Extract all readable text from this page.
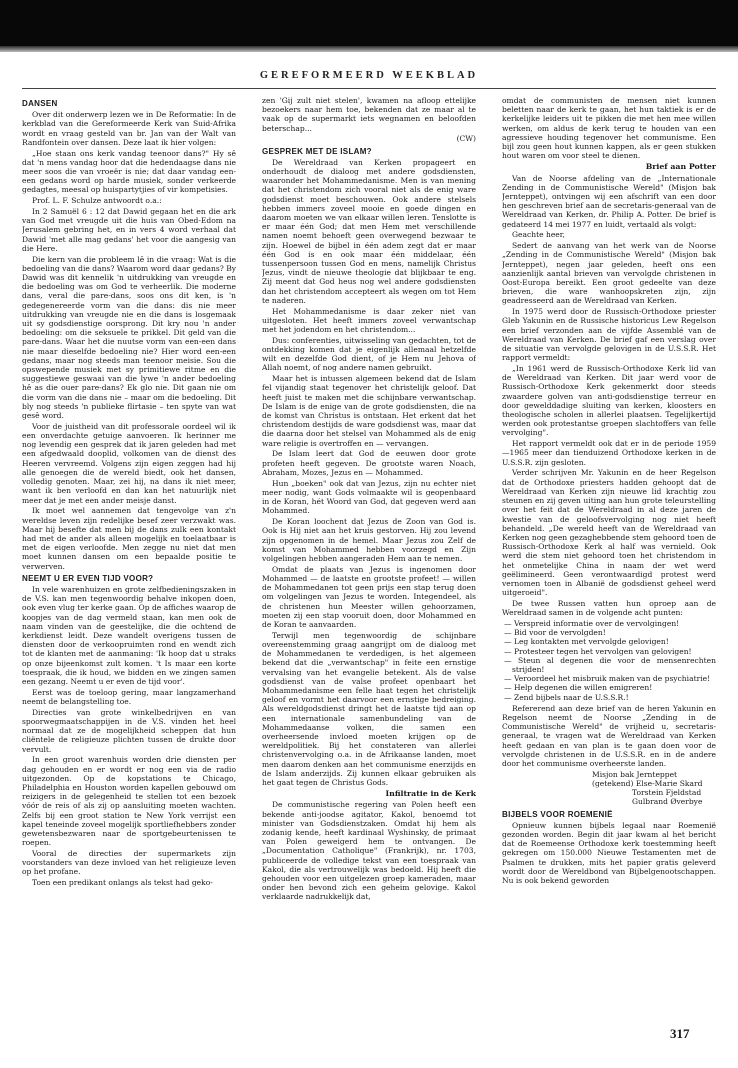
GEREFORMEERD WEEKBLAD
DANSEN

Over dit onderwerp lezen we in De Reformatie: In de kerkblad van die Gereformeerde Kerk van Suid-Afrika wordt en vraag gesteld van br. Jan van der Walt van Randfontein over dansen. Deze laat ik hier volgen:

„Hoe staan ons kerk vandag teenoor dans?" Hy sê dat 'n mens vandag hoor dat die hedendaagse dans nie meer soos die van vroeër is nie; dat daar vandag een-een gedans word op harde musiek, sonder verkeerde gedagtes, meesal op huispartytjies of vir kompetisies.

Prof. L. F. Schulze antwoordt o.a.:

In 2 Samuël 6 : 12 dat Dawid gegaan het en die ark van God met vreugde uit die huis van Obed-Edom na Jerusalem gebring het, en in vers 4 word verhaal dat Dawid 'met alle mag gedans' het voor die aangesig van die Here.

Die kern van die probleem lê in die vraag: Wat is die bedoeling van die dans? Waarom word daar gedans? By Dawid was dit kennelik 'n uitdrukking van vreugde en die bedoeling was om God te verheerlik. Die moderne dans, veral die pare-dans, soos ons dit ken, is 'n gedegenereerde vorm van die dans: dis nie meer uitdrukking van vreugde nie en die dans is losgemaak uit sy godsdienstige oorsprong. Dit kry nou 'n ander bedoeling: om die seksuele te prikkel. Dit geld van die pare-dans. Waar het die nuutse vorm van een-een dans nie maar dieselfde bedoeling nie? Hier word een-een gedans, maar nog steeds man teenoor meisie. Sou die opswepende musiek met sy primitiewe ritme en die suggestiewe geswaai van die lywe 'n ander bedoeling hê as die ouer pare-dans? Ek glo nie. Dit gaan nie om die vorm van die dans nie – maar om die bedoeling. Dit bly nog steeds 'n publieke flirtasie – ten spyte van wat gesê word.

Voor de juistheid van dit professorale oordeel wil ik een onverdachte getuige aanvoeren. Ik herinner me nog levendig een gesprek dat ik jaren geleden had met een afgedwaald dooplid, volkomen van de dienst des Heeren vervreemd. Volgens zijn eigen zeggen had hij alle genoegen die de wereld biedt, ook het dansen, volledig genoten. Maar, zei hij, na dans ik niet meer, want ik ben verloofd en dan kan het natuurlijk niet meer dat je met een ander meisje danst.

Ik moet wel aannemen dat tengevolge van z'n wereldse leven zijn redelijke besef zeer verzwakt was. Maar hij besefte dat men bij de dans zulk een kontakt had met de ander als alleen mogelijk en toelaatbaar is met de eigen verloofde. Men zegge nu niet dat men moet kunnen dansen om een bepaalde positie te verwerven.

NEEMT U ER EVEN TIJD VOOR?

In vele warenhuizen en grote zelfbedieningszaken in de V.S. kan men tegenwoordig behalve inkopen doen, ook even vlug ter kerke gaan. Op de affiches waarop de koopjes van de dag vermeld staan, kan men ook de naam vinden van de geestelijke, die die ochtend de kerkdienst leidt. Deze wandelt overigens tussen de diensten door de verkoopruimten rond en wendt zich tot de klanten met de aanmaning: 'Ik hoop dat u straks op onze bijeenkomst zult komen. 't Is maar een korte toespraak, die ik houd, we bidden en we zingen samen een gezang. Neemt u er even de tijd voor'.

Eerst was de toeloop gering, maar langzamerhand neemt de belangstelling toe.

Directies van grote winkelbedrijven en van spoorwegmaatschappijen in de V.S. vinden het heel normaal dat ze de mogelijkheid scheppen dat hun cliëntele de religieuze plichten tussen de drukte door vervult.

In een groot warenhuis worden drie diensten per dag gehouden en er wordt er nog een via de radio uitgezonden. Op de kopstations te Chicago, Philadelphia en Houston worden kapellen gebouwd om reizigers in de gelegenheid te stellen tot een bezoek vóór de reis of als zij op aansluiting moeten wachten. Zelfs bij een groot station te New York verrijst een kapel teneinde zoveel mogelijk sportliefhebbers zonder gewetensbezwaren naar de sportgebeurtenissen te roepen.

Vooral de directies der supermarkets zijn voorstanders van deze invloed van het religieuze leven op het profane.

Toen een predikant onlangs als tekst had geko-

zen 'Gij zult niet stelen', kwamen na afloop ettelijke bezoekers naar hem toe, bekenden dat ze maar al te vaak op de supermarkt iets wegnamen en beloofden beterschap...

(CW)

GESPREK MET DE ISLAM?

De Wereldraad van Kerken propageert en onderhoudt de dialoog met andere godsdiensten, waaronder het Mohammedanisme. Men is van mening dat het christendom zich vooral niet als de enig ware godsdienst moet beschouwen. Ook andere stelsels hebben immers zoveel mooie en goede dingen en daarom moeten we van elkaar willen leren. Tenslotte is er maar één God; dat men Hem met verschillende namen noemt behoeft geen overwegend bezwaar te zijn. Hoewel de bijbel in één adem zegt dat er maar één God is en ook maar één middelaar, één tussenpersoon tussen God en mens, namelijk Christus Jezus, vindt de nieuwe theologie dat blijkbaar te eng. Zij meent dat God heus nog wel andere godsdiensten dan het christendom accepteert als wegen om tot Hem te naderen.

Het Mohammedanisme is daar zeker niet van uitgesloten. Het heeft immers zoveel verwantschap met het jodendom en het christendom...

Dus: conferenties, uitwisseling van gedachten, tot de ontdekking komen dat je eigenlijk allemaal hetzelfde wilt en dezelfde God dient, of je Hem nu Jehova of Allah noemt, of nog andere namen gebruikt.

Maar het is intussen algemeen bekend dat de Islam fel vijandig staat tegenover het christelijk geloof. Dat heeft juist te maken met die schijnbare verwantschap. De Islam is de enige van de grote godsdiensten, die na de komst van Christus is ontstaan. Het erkent dat het christendom destijds de ware godsdienst was, maar dat die daarna door het stelsel van Mohammed als de enig ware religie is overtroffen en — vervangen.

De Islam leert dat God de eeuwen door grote profeten heeft gegeven. De grootste waren Noach, Abraham, Mozes, Jezus en — Mohammed.

Hun „boeken" ook dat van Jezus, zijn nu echter niet meer nodig, want Gods volmaakte wil is geopenbaard in de Koran, hét Woord van God, dat gegeven werd aan Mohammed.

De Koran loochent dat Jezus de Zoon van God is. Ook is Hij niet aan het kruis gestorven. Hij zou levend zijn opgenomen in de hemel. Maar Jezus zou Zelf de komst van Mohammed hebben voorzegd en Zijn volgelingen hebben aangeraden Hem aan te nemen.

Omdat de plaats van Jezus is ingenomen door Mohammed — de laatste en grootste profeet! — willen de Mohammedanen tot geen prijs een stap terug doen om volgelingen van Jezus te worden. Integendeel, als de christenen hun Meester willen gehoorzamen, moeten zij een stap vooruit doen, door Mohammed en de Koran te aanvaarden.

Terwijl men tegenwoordig de schijnbare overeenstemming graag aangrijpt om de dialoog met de Mohammedanen te verdedigen, is het algemeen bekend dat die „verwantschap" in feite een ernstige vervalsing van het evangelie betekent. Als de valse godsdienst van de valse profeet openbaart het Mohammedanisme een felle haat tegen het christelijk geloof en vormt het daarvoor een ernstige bedreiging. Als wereldgodsdienst dringt het de laatste tijd aan op een internationale samenbundeling van de Mohammedaanse volken, die samen een overheersende invloed moeten krijgen op de wereldpolitiek. Bij het constateren van allerlei christenvervolging o.a. in de Afrikaanse landen, moet men daarom denken aan het communisme enerzijds en de Islam anderzijds. Zij kunnen elkaar gebruiken als het gaat tegen de Christus Gods.

Infiltratie in de Kerk

De communistische regering van Polen heeft een bekende anti-joodse agitator, Kakol, benoemd tot minister van Godsdienstzaken. Omdat hij hem als zodanig kende, heeft kardinaal Wyshinsky, de primaat van Polen geweigerd hem te ontvangen. De „Documentation Catholique" (Frankrijk), nr. 1703, publiceerde de volledige tekst van een toespraak van Kakol, die als vertrouwelijk was bedoeld. Hij heeft die gehouden voor een uitgelezen groep kameraden, maar onder hen bevond zich een geheim gelovige. Kakol verklaarde nadrukkelijk dat,

omdat de communisten de mensen niet kunnen beletten naar de kerk te gaan, het hun taktiek is er de kerkelijke leiders uit te pikken die met hen mee willen werken, om aldus de kerk terug te houden van een agressieve houding tegenover het communisme. Een bijl zou geen hout kunnen kappen, als er geen stukken hout waren om voor steel te dienen.

Brief aan Potter

Van de Noorse afdeling van de „Internationale Zending in de Communistische Wereld" (Misjon bak Jernteppet), ontvingen wij een afschrift van een door hen geschreven brief aan de secretaris-generaal van de Wereldraad van Kerken, dr. Philip A. Potter. De brief is gedateerd 14 mei 1977 en luidt, vertaald als volgt:

Geachte heer,

Sedert de aanvang van het werk van de Noorse „Zending in de Communistische Wereld" (Misjon bak Jernteppet), negen jaar geleden, heeft ons een aanzienlijk aantal brieven van vervolgde christenen in Oost-Europa bereikt. Een groot gedeelte van deze brieven, die ware wanhoopskreten zijn, zijn geadresseerd aan de Wereldraad van Kerken.

In 1975 werd door de Russisch-Orthodoxe priester Gleb Yakunin en de Russische historicus Lew Regelson een brief verzonden aan de vijfde Assemblé van de Wereldraad van Kerken. De brief gaf een verslag over de situatie van vervolgde gelovigen in de U.S.S.R. Het rapport vermeldt:

„In 1961 werd de Russisch-Orthodoxe Kerk lid van de Wereldraad van Kerken. Dit jaar werd voor de Russisch-Orthodoxe Kerk gekenmerkt door steeds zwaardere golven van anti-godsdienstige terreur en door gewelddadige sluiting van kerken, kloosters en theologische scholen in allerlei plaatsen. Tegelijkertijd werden ook protestantse groepen slachtoffers van felle vervolging".

Het rapport vermeldt ook dat er in de periode 1959—1965 meer dan tienduizend Orthodoxe kerken in de U.S.S.R. zijn gesloten.

Verder schrijven Mr. Yakunin en de heer Regelson dat de Orthodoxe priesters hadden gehoopt dat de Wereldraad van Kerken zijn nieuwe lid krachtig zou steunen en zij geven uiting aan hun grote teleurstelling over het feit dat de Wereldraad in al deze jaren de kwestie van de geloofsvervolging nog niet heeft behandeld. „De wereld heeft van de Wereldraad van Kerken nog geen gezaghebbende stem gehoord toen de Russisch-Orthodoxe Kerk al half was vernield. Ook werd die stem niet gehoord toen het christendom in het onmetelijke China in naam der wet werd geëlimineerd. Geen verontwaardigd protest werd vernomen toen in Albanië de godsdienst geheel werd uitgeroeid".

De twee Russen vatten hun oproep aan de Wereldraad samen in de volgende acht punten:

— Verspreid informatie over de vervolgingen!
— Bid voor de vervolgden!
— Leg kontakten met vervolgde gelovigen!
— Protesteer tegen het vervolgen van gelovigen!
— Steun al degenen die voor de mensenrechten strijden!
— Veroordeel het misbruik maken van de psychiatrie!
— Help degenen die willen emigreren!
— Zend bijbels naar de U.S.S.R.!

Refererend aan deze brief van de heren Yakunin en Regelson neemt de Noorse „Zending in de Communistische Wereld" de vrijheid u, secretaris-generaal, te vragen wat de Wereldraad van Kerken heeft gedaan en van plan is te gaan doen voor de vervolgde christenen in de U.S.S.R. en in de andere door het communisme overheerste landen.

Misjon bak Jernteppet
(getekend) Else-Marie Skard
Torstein Fjeldstad
Gulbrand Øverbye
BIJBELS VOOR ROEMENIË

Opnieuw kunnen bijbels legaal naar Roemenië gezonden worden. Begin dit jaar kwam al het bericht dat de Roemeense Orthodoxe kerk toestemming heeft gekregen om 150.000 Nieuwe Testamenten met de Psalmen te drukken, mits het papier gratis geleverd wordt door de Wereldbond van Bijbelgenootschappen. Nu is ook bekend geworden

317
